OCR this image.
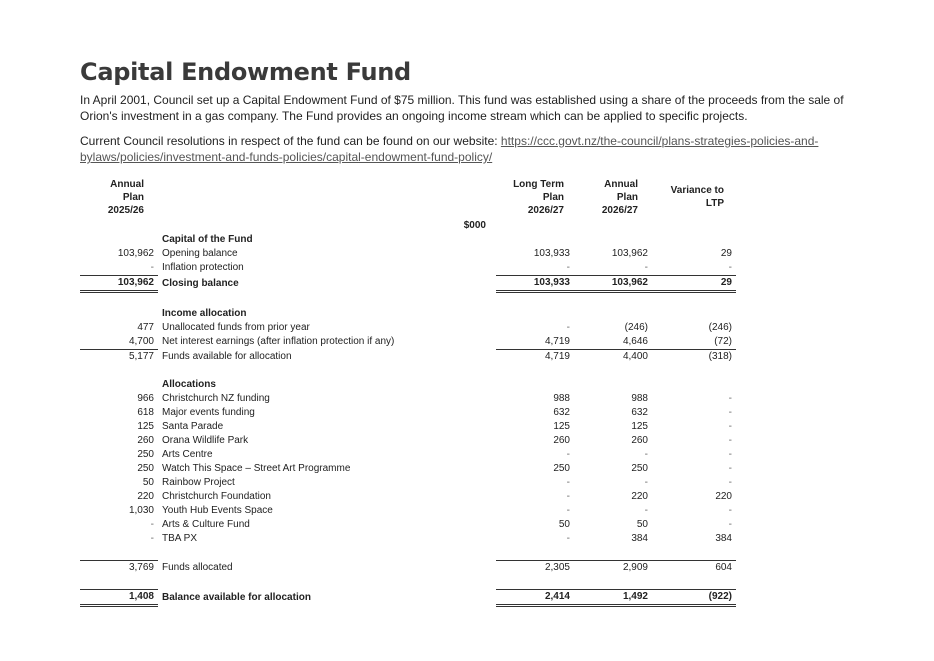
Capital Endowment Fund

In April 2001, Council set up a Capital Endowment Fund of $75 million. This fund was established using a share of the proceeds from the sale of Orion's investment in a gas company. The Fund provides an ongoing income stream which can be applied to specific projects.

Current Council resolutions in respect of the fund can be found on our website: https://ccc.govt.nz/the-council/plans-strategies-policies-and-bylaws/policies/investment-and-funds-policies/capital-endowment-fund-policy/

Annual Plan 2025/26				Long Term Plan 2026/27	Annual Plan 2026/27	Variance to LTP

		$000				
	Capital of the Fund					
103,962	Opening balance			103,933	103,962	29
-	Inflation protection			-	-	-
103,962	Closing balance			103,933	103,962	29

	Income allocation					
477	Unallocated funds from prior year			-	(246)	(246)
4,700	Net interest earnings (after inflation protection if any)			4,719	4,646	(72)
5,177	Funds available for allocation			4,719	4,400	(318)

	Allocations					
966	Christchurch NZ funding			988	988	-
618	Major events funding			632	632	-
125	Santa Parade			125	125	-
260	Orana Wildlife Park			260	260	-
250	Arts Centre			-	-	-
250	Watch This Space – Street Art Programme			250	250	-
50	Rainbow Project			-	-	-
220	Christchurch Foundation			-	220	220
1,030	Youth Hub Events Space			-	-	-
-	Arts & Culture Fund			50	50	-
-	TBA PX			-	384	384

3,769	Funds allocated			2,305	2,909	604

1,408	Balance available for allocation			2,414	1,492	(922)
